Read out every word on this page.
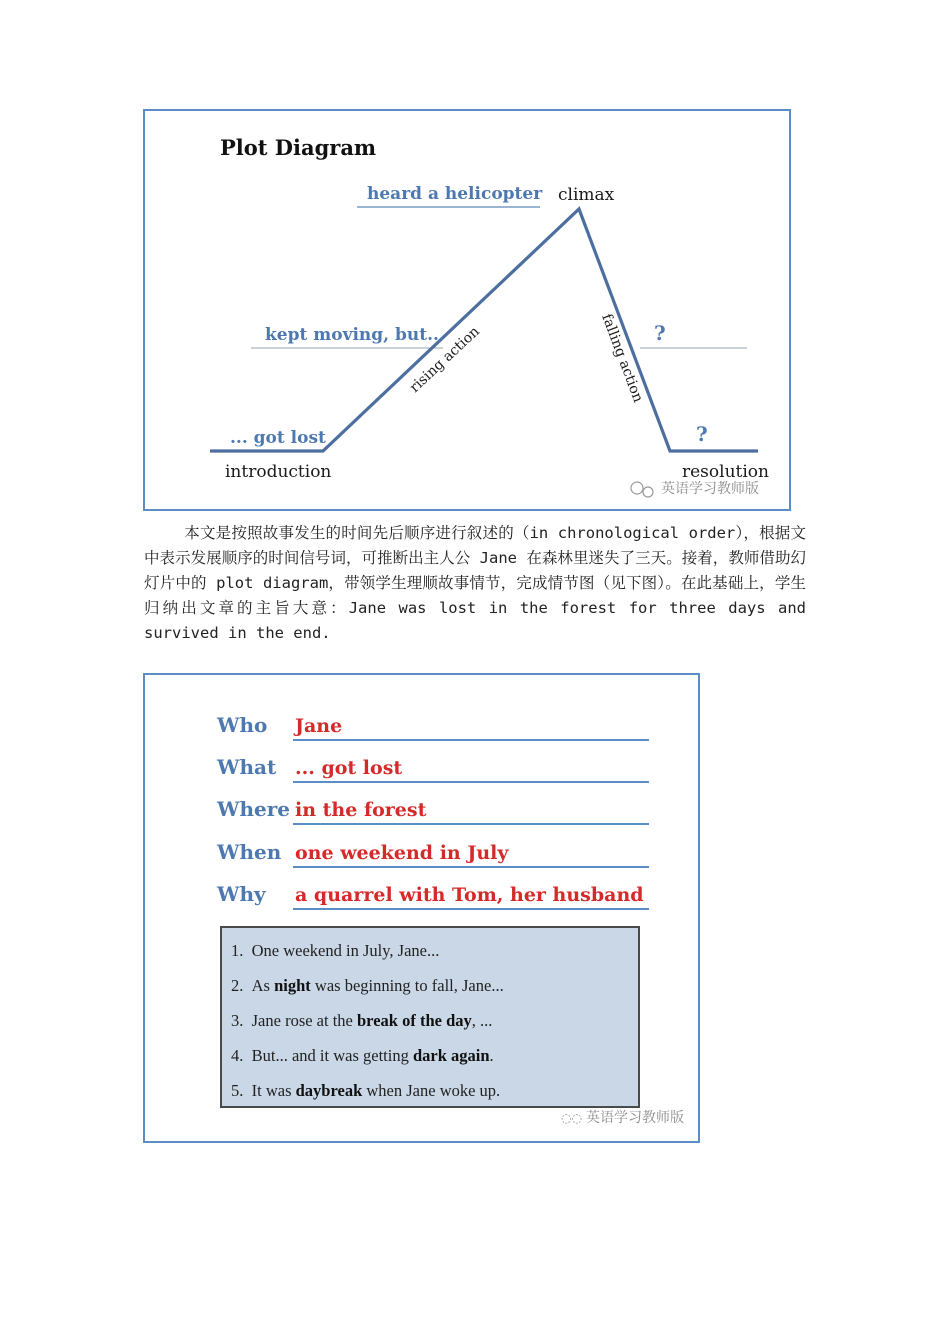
Plot Diagram
heard a helicopter climax
kept moving, but...
rising action	falling action ?
?
... got lost
introduction	resolution
英语学习教师版

本文是按照故事发生的时间先后顺序进行叙述的（in chronological order），根据文中表示发展顺序的时间信号词，可推断出主人公 Jane 在森林里迷失了三天。接着，教师借助幻灯片中的 plot diagram，带领学生理顺故事情节，完成情节图（见下图）。在此基础上，学生归纳出文章的主旨大意：Jane was lost in the forest for three days and survived in the end.

Who Jane
What ... got lost
Where in the forest
When one weekend in July
Why a quarrel with Tom, her husband
1. One weekend in July, Jane...
2. As night was beginning to fall, Jane...
3. Jane rose at the break of the day, ...
4. But... and it was getting dark again.
5. It was daybreak when Jane woke up.
◌◌ 英语学习教师版
